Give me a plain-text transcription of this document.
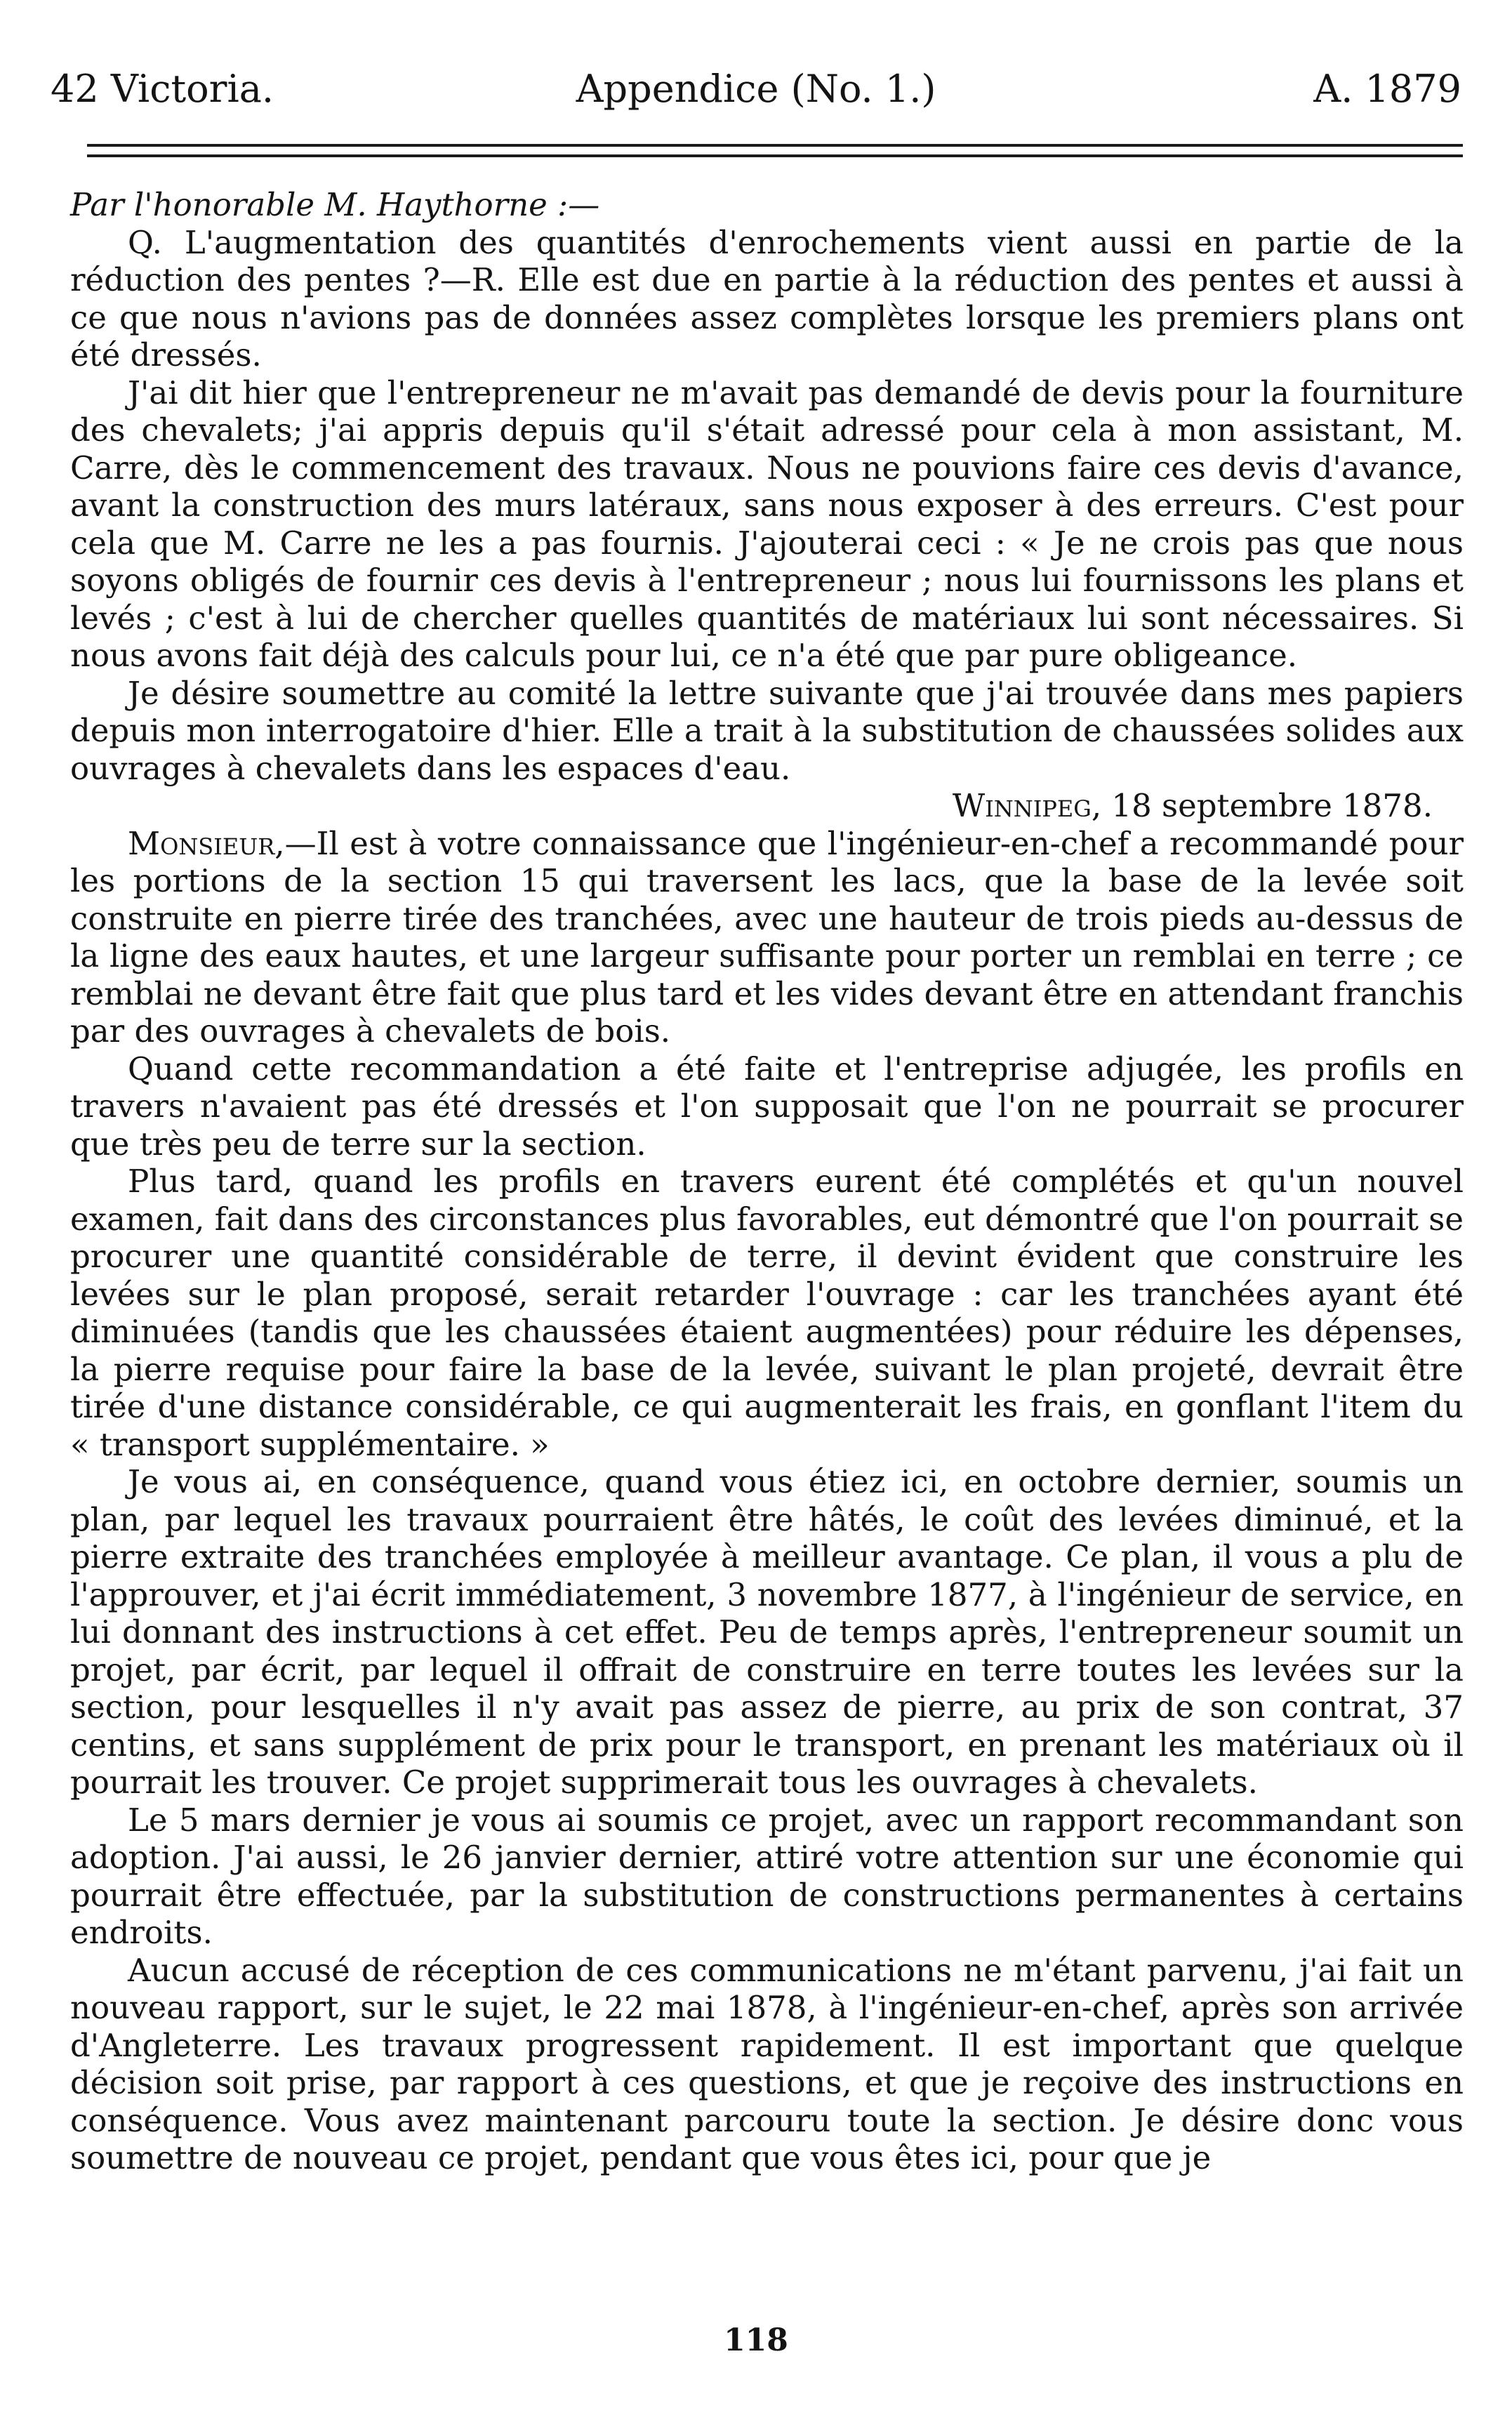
42 Victoria.	Appendice (No. 1.)	A. 1879

Par l'honorable M. Haythorne :—

Q. L'augmentation des quantités d'enrochements vient aussi en partie de la réduction des pentes ?—R. Elle est due en partie à la réduction des pentes et aussi à ce que nous n'avions pas de données assez complètes lorsque les premiers plans ont été dressés.

J'ai dit hier que l'entrepreneur ne m'avait pas demandé de devis pour la fourniture des chevalets; j'ai appris depuis qu'il s'était adressé pour cela à mon assistant, M. Carre, dès le commencement des travaux. Nous ne pouvions faire ces devis d'avance, avant la construction des murs latéraux, sans nous exposer à des erreurs. C'est pour cela que M. Carre ne les a pas fournis. J'ajouterai ceci : « Je ne crois pas que nous soyons obligés de fournir ces devis à l'entrepreneur ; nous lui fournissons les plans et levés ; c'est à lui de chercher quelles quantités de matériaux lui sont nécessaires. Si nous avons fait déjà des calculs pour lui, ce n'a été que par pure obligeance.

Je désire soumettre au comité la lettre suivante que j'ai trouvée dans mes papiers depuis mon interrogatoire d'hier. Elle a trait à la substitution de chaussées solides aux ouvrages à chevalets dans les espaces d'eau.

Winnipeg, 18 septembre 1878.

Monsieur,—Il est à votre connaissance que l'ingénieur-en-chef a recommandé pour les portions de la section 15 qui traversent les lacs, que la base de la levée soit construite en pierre tirée des tranchées, avec une hauteur de trois pieds au-dessus de la ligne des eaux hautes, et une largeur suffisante pour porter un remblai en terre ; ce remblai ne devant être fait que plus tard et les vides devant être en attendant franchis par des ouvrages à chevalets de bois.

Quand cette recommandation a été faite et l'entreprise adjugée, les profils en travers n'avaient pas été dressés et l'on supposait que l'on ne pourrait se procurer que très peu de terre sur la section.

Plus tard, quand les profils en travers eurent été complétés et qu'un nouvel examen, fait dans des circonstances plus favorables, eut démontré que l'on pourrait se procurer une quantité considérable de terre, il devint évident que construire les levées sur le plan proposé, serait retarder l'ouvrage : car les tranchées ayant été diminuées (tandis que les chaussées étaient augmentées) pour réduire les dépenses, la pierre requise pour faire la base de la levée, suivant le plan projeté, devrait être tirée d'une distance considérable, ce qui augmenterait les frais, en gonflant l'item du « transport supplémentaire. »

Je vous ai, en conséquence, quand vous étiez ici, en octobre dernier, soumis un plan, par lequel les travaux pourraient être hâtés, le coût des levées diminué, et la pierre extraite des tranchées employée à meilleur avantage. Ce plan, il vous a plu de l'approuver, et j'ai écrit immédiatement, 3 novembre 1877, à l'ingénieur de service, en lui donnant des instructions à cet effet. Peu de temps après, l'entrepreneur soumit un projet, par écrit, par lequel il offrait de construire en terre toutes les levées sur la section, pour lesquelles il n'y avait pas assez de pierre, au prix de son contrat, 37 centins, et sans supplément de prix pour le transport, en prenant les matériaux où il pourrait les trouver. Ce projet supprimerait tous les ouvrages à chevalets.

Le 5 mars dernier je vous ai soumis ce projet, avec un rapport recommandant son adoption. J'ai aussi, le 26 janvier dernier, attiré votre attention sur une économie qui pourrait être effectuée, par la substitution de constructions permanentes à certains endroits.

Aucun accusé de réception de ces communications ne m'étant parvenu, j'ai fait un nouveau rapport, sur le sujet, le 22 mai 1878, à l'ingénieur-en-chef, après son arrivée d'Angleterre. Les travaux progressent rapidement. Il est important que quelque décision soit prise, par rapport à ces questions, et que je reçoive des instructions en conséquence. Vous avez maintenant parcouru toute la section. Je désire donc vous soumettre de nouveau ce projet, pendant que vous êtes ici, pour que je

118
